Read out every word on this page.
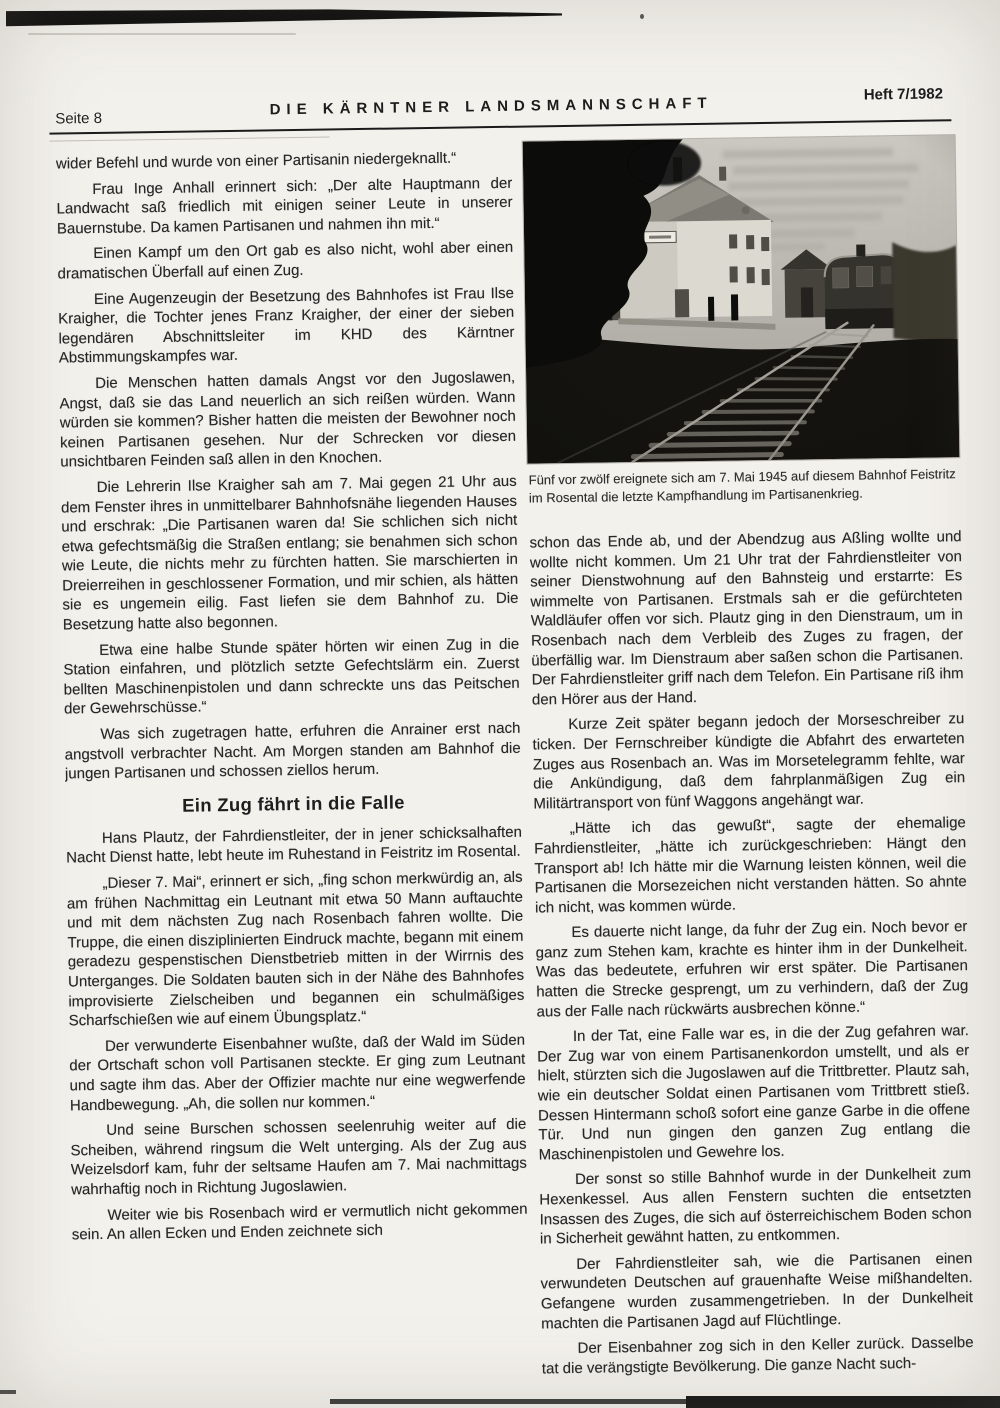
Seite 8
DIE KÄRNTNER LANDSMANNSCHAFT
Heft 7/1982
Fünf vor zwölf ereignete sich am 7. Mai 1945 auf diesem Bahnhof Feistritz im Rosental die letzte Kampfhandlung im Partisanenkrieg.

wider Befehl und wurde von einer Partisanin niedergeknallt.“

Frau Inge Anhall erinnert sich: „Der alte Hauptmann der Landwacht saß friedlich mit einigen seiner Leute in unserer Bauernstube. Da kamen Partisanen und nahmen ihn mit.“

Einen Kampf um den Ort gab es also nicht, wohl aber einen dramatischen Überfall auf einen Zug.

Eine Augenzeugin der Besetzung des Bahnhofes ist Frau Ilse Kraigher, die Tochter jenes Franz Kraigher, der einer der sieben legendären Abschnittsleiter im KHD des Kärntner Abstimmungskampfes war.

Die Menschen hatten damals Angst vor den Jugoslawen, Angst, daß sie das Land neuerlich an sich reißen würden. Wann würden sie kommen? Bisher hatten die meisten der Bewohner noch keinen Partisanen gesehen. Nur der Schrecken vor diesen unsichtbaren Feinden saß allen in den Knochen.

Die Lehrerin Ilse Kraigher sah am 7. Mai gegen 21 Uhr aus dem Fenster ihres in unmittelbarer Bahnhofsnähe liegenden Hauses und erschrak: „Die Partisanen waren da! Sie schlichen sich nicht etwa gefechtsmäßig die Straßen entlang; sie benahmen sich schon wie Leute, die nichts mehr zu fürchten hatten. Sie marschierten in Dreierreihen in geschlossener Formation, und mir schien, als hätten sie es ungemein eilig. Fast liefen sie dem Bahnhof zu. Die Besetzung hatte also begonnen.

Etwa eine halbe Stunde später hörten wir einen Zug in die Station einfahren, und plötzlich setzte Gefechtslärm ein. Zuerst bellten Maschinenpistolen und dann schreckte uns das Peitschen der Gewehrschüsse.“

Was sich zugetragen hatte, erfuhren die Anrainer erst nach angstvoll verbrachter Nacht. Am Morgen standen am Bahnhof die jungen Partisanen und schossen ziellos herum.

Ein Zug fährt in die Falle

Hans Plautz, der Fahrdienstleiter, der in jener schicksalhaften Nacht Dienst hatte, lebt heute im Ruhestand in Feistritz im Rosental.

„Dieser 7. Mai“, erinnert er sich, „fing schon merkwürdig an, als am frühen Nachmittag ein Leutnant mit etwa 50 Mann auftauchte und mit dem nächsten Zug nach Rosenbach fahren wollte. Die Truppe, die einen disziplinierten Eindruck machte, begann mit einem geradezu gespenstischen Dienstbetrieb mitten in der Wirrnis des Unterganges. Die Soldaten bauten sich in der Nähe des Bahnhofes improvisierte Zielscheiben und begannen ein schulmäßiges Scharfschießen wie auf einem Übungsplatz.“

Der verwunderte Eisenbahner wußte, daß der Wald im Süden der Ortschaft schon voll Partisanen steckte. Er ging zum Leutnant und sagte ihm das. Aber der Offizier machte nur eine wegwerfende Handbewegung. „Ah, die sollen nur kommen.“

Und seine Burschen schossen seelenruhig weiter auf die Scheiben, während ringsum die Welt unterging. Als der Zug aus Weizelsdorf kam, fuhr der seltsame Haufen am 7. Mai nachmittags wahrhaftig noch in Richtung Jugoslawien.

Weiter wie bis Rosenbach wird er vermutlich nicht gekommen sein. An allen Ecken und Enden zeichnete sich

schon das Ende ab, und der Abendzug aus Aßling wollte und wollte nicht kommen. Um 21 Uhr trat der Fahrdienstleiter von seiner Dienstwohnung auf den Bahnsteig und erstarrte: Es wimmelte von Partisanen. Erstmals sah er die gefürchteten Waldläufer offen vor sich. Plautz ging in den Dienstraum, um in Rosenbach nach dem Verbleib des Zuges zu fragen, der überfällig war. Im Dienstraum aber saßen schon die Partisanen. Der Fahrdienstleiter griff nach dem Telefon. Ein Partisane riß ihm den Hörer aus der Hand.

Kurze Zeit später begann jedoch der Morseschreiber zu ticken. Der Fernschreiber kündigte die Abfahrt des erwarteten Zuges aus Rosenbach an. Was im Morsetelegramm fehlte, war die Ankündigung, daß dem fahrplanmäßigen Zug ein Militärtransport von fünf Waggons angehängt war.

„Hätte ich das gewußt“, sagte der ehemalige Fahrdienstleiter, „hätte ich zurückgeschrieben: Hängt den Transport ab! Ich hätte mir die Warnung leisten können, weil die Partisanen die Morsezeichen nicht verstanden hätten. So ahnte ich nicht, was kommen würde.

Es dauerte nicht lange, da fuhr der Zug ein. Noch bevor er ganz zum Stehen kam, krachte es hinter ihm in der Dunkelheit. Was das bedeutete, erfuhren wir erst später. Die Partisanen hatten die Strecke gesprengt, um zu verhindern, daß der Zug aus der Falle nach rückwärts ausbrechen könne.“

In der Tat, eine Falle war es, in die der Zug gefahren war. Der Zug war von einem Partisanenkordon umstellt, und als er hielt, stürzten sich die Jugoslawen auf die Trittbretter. Plautz sah, wie ein deutscher Soldat einen Partisanen vom Trittbrett stieß. Dessen Hintermann schoß sofort eine ganze Garbe in die offene Tür. Und nun gingen den ganzen Zug entlang die Maschinenpistolen und Gewehre los.

Der sonst so stille Bahnhof wurde in der Dunkelheit zum Hexenkessel. Aus allen Fenstern suchten die entsetzten Insassen des Zuges, die sich auf österreichischem Boden schon in Sicherheit gewähnt hatten, zu entkommen.

Der Fahrdienstleiter sah, wie die Partisanen einen verwundeten Deutschen auf grauenhafte Weise mißhandelten. Gefangene wurden zusammengetrieben. In der Dunkelheit machten die Partisanen Jagd auf Flüchtlinge.

Der Eisenbahner zog sich in den Keller zurück. Dasselbe tat die verängstigte Bevölkerung. Die ganze Nacht such-
